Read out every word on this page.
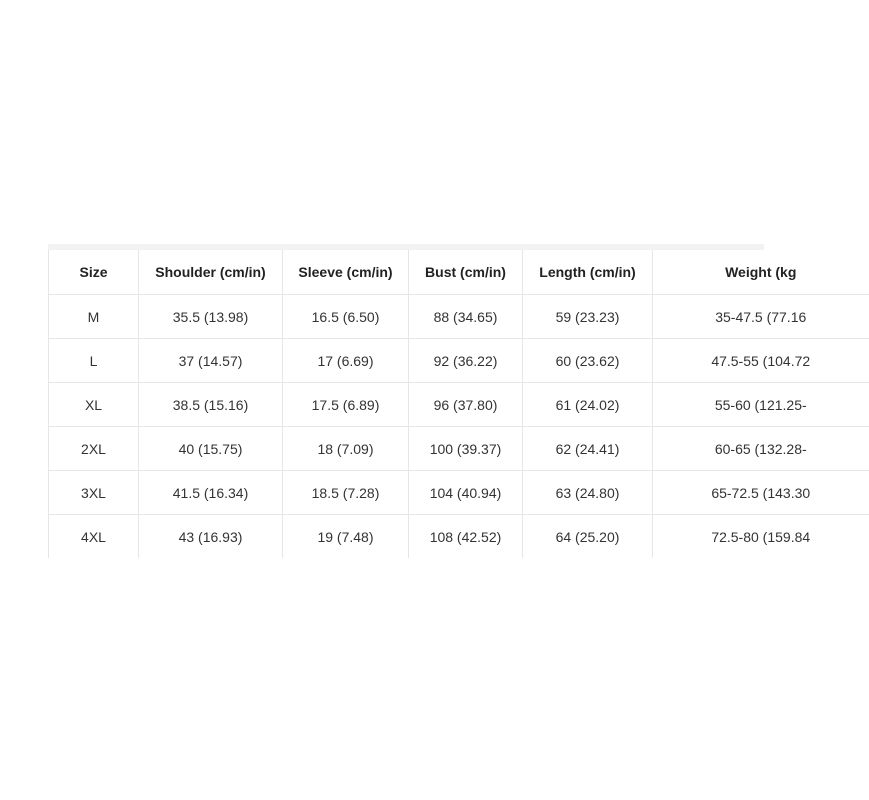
Size	Shoulder (cm/in)	Sleeve (cm/in)	Bust (cm/in)	Length (cm/in)	Weight (kg
M	35.5 (13.98)	16.5 (6.50)	88 (34.65)	59 (23.23)	35-47.5 (77.16
L	37 (14.57)	17 (6.69)	92 (36.22)	60 (23.62)	47.5-55 (104.72
XL	38.5 (15.16)	17.5 (6.89)	96 (37.80)	61 (24.02)	55-60 (121.25-
2XL	40 (15.75)	18 (7.09)	100 (39.37)	62 (24.41)	60-65 (132.28-
3XL	41.5 (16.34)	18.5 (7.28)	104 (40.94)	63 (24.80)	65-72.5 (143.30
4XL	43 (16.93)	19 (7.48)	108 (42.52)	64 (25.20)	72.5-80 (159.84
